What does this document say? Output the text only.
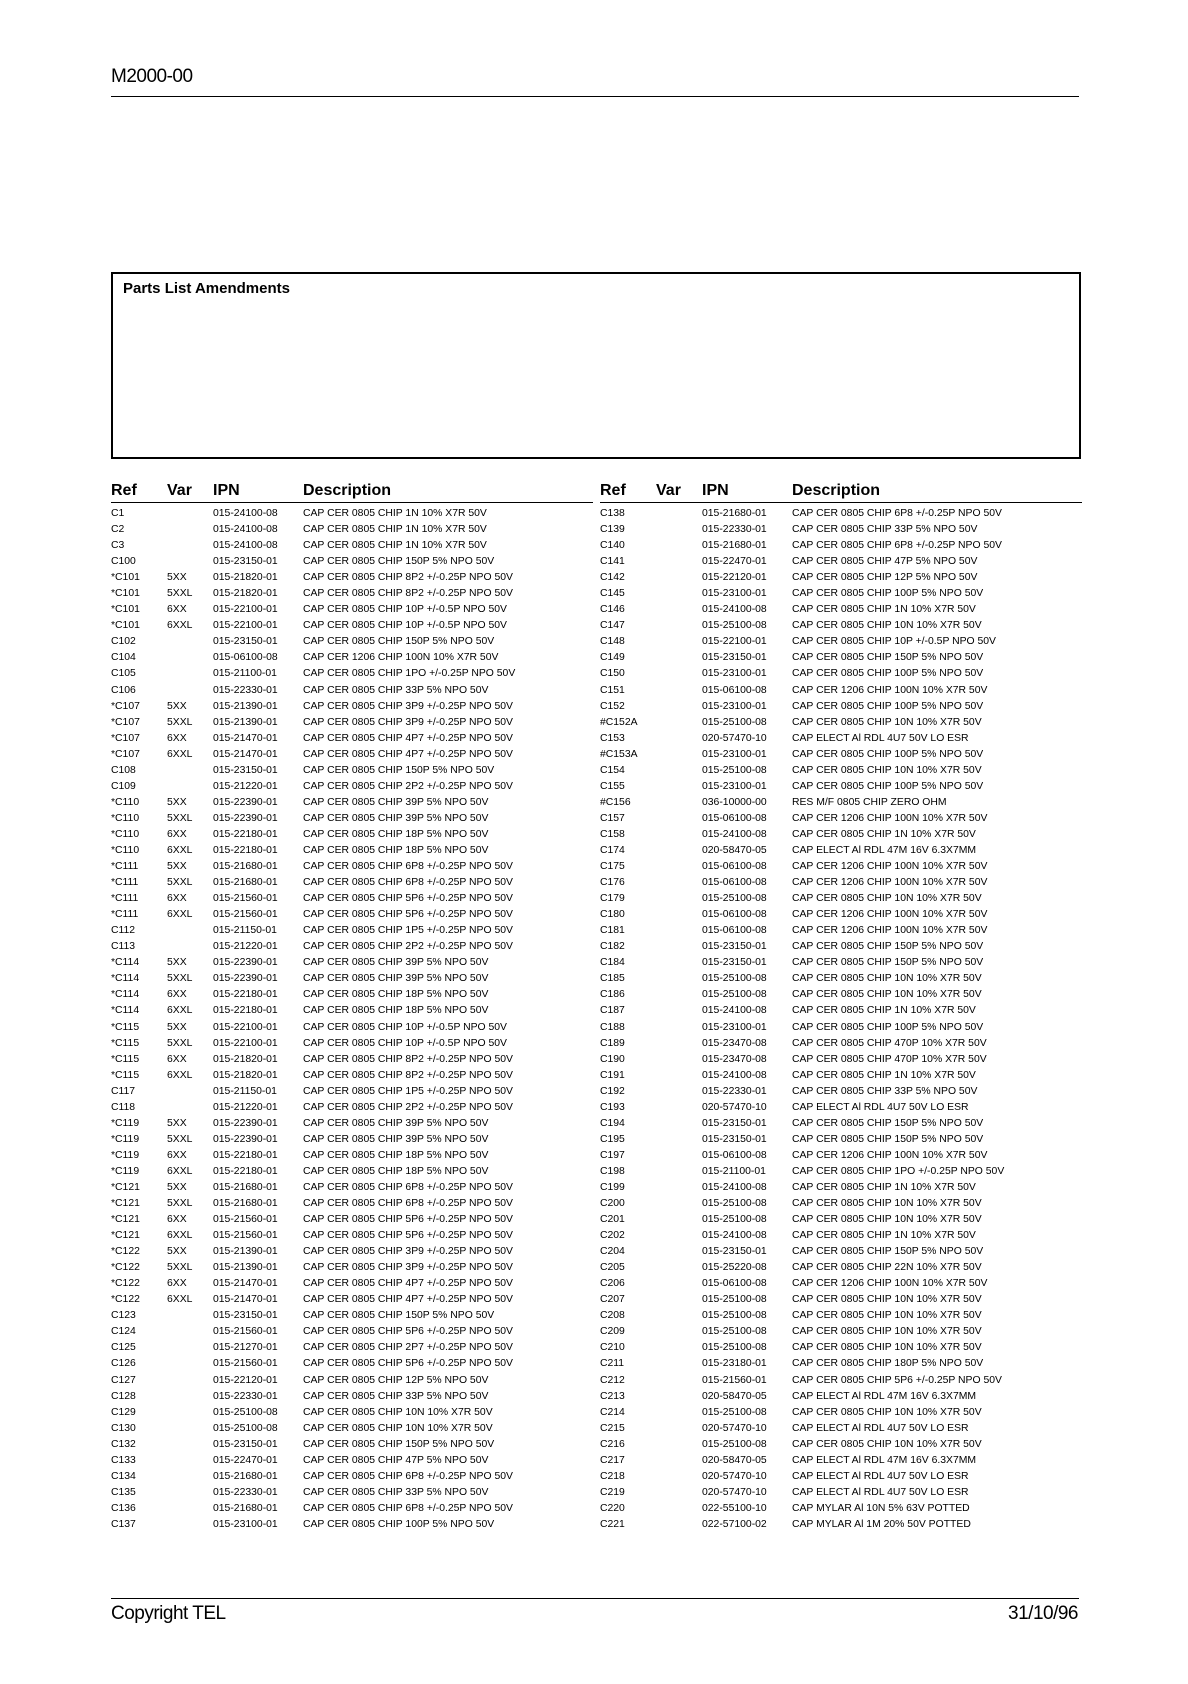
M2000-00
Parts List Amendments
Ref Var IPN	Description
C1	015-24100-08 CAP CER 0805 CHIP 1N 10% X7R 50V
C2	015-24100-08 CAP CER 0805 CHIP 1N 10% X7R 50V
C3	015-24100-08 CAP CER 0805 CHIP 1N 10% X7R 50V
C100	015-23150-01 CAP CER 0805 CHIP 150P 5% NPO 50V
*C101	5XX	015-21820-01 CAP CER 0805 CHIP 8P2 +/-0.25P NPO 50V
*C101	5XXL 015-21820-01 CAP CER 0805 CHIP 8P2 +/-0.25P NPO 50V
*C101	6XX	015-22100-01 CAP CER 0805 CHIP 10P +/-0.5P NPO 50V
*C101	6XXL 015-22100-01 CAP CER 0805 CHIP 10P +/-0.5P NPO 50V
C102	015-23150-01 CAP CER 0805 CHIP 150P 5% NPO 50V
C104	015-06100-08 CAP CER 1206 CHIP 100N 10% X7R 50V
C105	015-21100-01	CAP CER 0805 CHIP 1PO +/-0.25P NPO 50V
C106	015-22330-01 CAP CER 0805 CHIP 33P 5% NPO 50V
*C107	5XX	015-21390-01 CAP CER 0805 CHIP 3P9 +/-0.25P NPO 50V
*C107	5XXL 015-21390-01 CAP CER 0805 CHIP 3P9 +/-0.25P NPO 50V
*C107	6XX	015-21470-01 CAP CER 0805 CHIP 4P7 +/-0.25P NPO 50V
*C107	6XXL 015-21470-01 CAP CER 0805 CHIP 4P7 +/-0.25P NPO 50V
C108	015-23150-01 CAP CER 0805 CHIP 150P 5% NPO 50V
C109	015-21220-01 CAP CER 0805 CHIP 2P2 +/-0.25P NPO 50V
*C110	5XX	015-22390-01 CAP CER 0805 CHIP 39P 5% NPO 50V
*C110	5XXL 015-22390-01 CAP CER 0805 CHIP 39P 5% NPO 50V
*C110	6XX	015-22180-01 CAP CER 0805 CHIP 18P 5% NPO 50V
*C110	6XXL 015-22180-01 CAP CER 0805 CHIP 18P 5% NPO 50V
*C111	5XX	015-21680-01 CAP CER 0805 CHIP 6P8 +/-0.25P NPO 50V
*C111	5XXL 015-21680-01 CAP CER 0805 CHIP 6P8 +/-0.25P NPO 50V
*C111	6XX	015-21560-01 CAP CER 0805 CHIP 5P6 +/-0.25P NPO 50V
*C111	6XXL 015-21560-01 CAP CER 0805 CHIP 5P6 +/-0.25P NPO 50V
C112	015-21150-01	CAP CER 0805 CHIP 1P5 +/-0.25P NPO 50V
C113	015-21220-01 CAP CER 0805 CHIP 2P2 +/-0.25P NPO 50V
*C114	5XX	015-22390-01 CAP CER 0805 CHIP 39P 5% NPO 50V
*C114	5XXL 015-22390-01 CAP CER 0805 CHIP 39P 5% NPO 50V
*C114	6XX	015-22180-01 CAP CER 0805 CHIP 18P 5% NPO 50V
*C114	6XXL 015-22180-01 CAP CER 0805 CHIP 18P 5% NPO 50V
*C115	5XX	015-22100-01 CAP CER 0805 CHIP 10P +/-0.5P NPO 50V
*C115	5XXL 015-22100-01 CAP CER 0805 CHIP 10P +/-0.5P NPO 50V
*C115	6XX	015-21820-01 CAP CER 0805 CHIP 8P2 +/-0.25P NPO 50V
*C115	6XXL 015-21820-01 CAP CER 0805 CHIP 8P2 +/-0.25P NPO 50V
C117	015-21150-01	CAP CER 0805 CHIP 1P5 +/-0.25P NPO 50V
C118	015-21220-01 CAP CER 0805 CHIP 2P2 +/-0.25P NPO 50V
*C119	5XX	015-22390-01 CAP CER 0805 CHIP 39P 5% NPO 50V
*C119	5XXL 015-22390-01 CAP CER 0805 CHIP 39P 5% NPO 50V
*C119	6XX	015-22180-01 CAP CER 0805 CHIP 18P 5% NPO 50V
*C119	6XXL 015-22180-01 CAP CER 0805 CHIP 18P 5% NPO 50V
*C121	5XX	015-21680-01 CAP CER 0805 CHIP 6P8 +/-0.25P NPO 50V
*C121	5XXL 015-21680-01 CAP CER 0805 CHIP 6P8 +/-0.25P NPO 50V
*C121	6XX	015-21560-01 CAP CER 0805 CHIP 5P6 +/-0.25P NPO 50V
*C121	6XXL 015-21560-01 CAP CER 0805 CHIP 5P6 +/-0.25P NPO 50V
*C122	5XX	015-21390-01 CAP CER 0805 CHIP 3P9 +/-0.25P NPO 50V
*C122	5XXL 015-21390-01 CAP CER 0805 CHIP 3P9 +/-0.25P NPO 50V
*C122	6XX	015-21470-01 CAP CER 0805 CHIP 4P7 +/-0.25P NPO 50V
*C122	6XXL 015-21470-01 CAP CER 0805 CHIP 4P7 +/-0.25P NPO 50V
C123	015-23150-01 CAP CER 0805 CHIP 150P 5% NPO 50V
C124	015-21560-01 CAP CER 0805 CHIP 5P6 +/-0.25P NPO 50V
C125	015-21270-01 CAP CER 0805 CHIP 2P7 +/-0.25P NPO 50V
C126	015-21560-01 CAP CER 0805 CHIP 5P6 +/-0.25P NPO 50V
C127	015-22120-01 CAP CER 0805 CHIP 12P 5% NPO 50V
C128	015-22330-01 CAP CER 0805 CHIP 33P 5% NPO 50V
C129	015-25100-08 CAP CER 0805 CHIP 10N 10% X7R 50V
C130	015-25100-08 CAP CER 0805 CHIP 10N 10% X7R 50V
C132	015-23150-01 CAP CER 0805 CHIP 150P 5% NPO 50V
C133	015-22470-01 CAP CER 0805 CHIP 47P 5% NPO 50V
C134	015-21680-01 CAP CER 0805 CHIP 6P8 +/-0.25P NPO 50V
C135	015-22330-01 CAP CER 0805 CHIP 33P 5% NPO 50V
C136	015-21680-01 CAP CER 0805 CHIP 6P8 +/-0.25P NPO 50V
C137	015-23100-01 CAP CER 0805 CHIP 100P 5% NPO 50V
Ref Var IPN	Description
C138	015-21680-01 CAP CER 0805 CHIP 6P8 +/-0.25P NPO 50V
C139	015-22330-01 CAP CER 0805 CHIP 33P 5% NPO 50V
C140	015-21680-01 CAP CER 0805 CHIP 6P8 +/-0.25P NPO 50V
C141	015-22470-01 CAP CER 0805 CHIP 47P 5% NPO 50V
C142	015-22120-01 CAP CER 0805 CHIP 12P 5% NPO 50V
C145	015-23100-01 CAP CER 0805 CHIP 100P 5% NPO 50V
C146	015-24100-08 CAP CER 0805 CHIP 1N 10% X7R 50V
C147	015-25100-08 CAP CER 0805 CHIP 10N 10% X7R 50V
C148	015-22100-01 CAP CER 0805 CHIP 10P +/-0.5P NPO 50V
C149	015-23150-01 CAP CER 0805 CHIP 150P 5% NPO 50V
C150	015-23100-01 CAP CER 0805 CHIP 100P 5% NPO 50V
C151	015-06100-08 CAP CER 1206 CHIP 100N 10% X7R 50V
C152	015-23100-01 CAP CER 0805 CHIP 100P 5% NPO 50V
#C152A	015-25100-08 CAP CER 0805 CHIP 10N 10% X7R 50V
C153	020-57470-10 CAP ELECT Al RDL 4U7 50V LO ESR
#C153A	015-23100-01 CAP CER 0805 CHIP 100P 5% NPO 50V
C154	015-25100-08 CAP CER 0805 CHIP 10N 10% X7R 50V
C155	015-23100-01 CAP CER 0805 CHIP 100P 5% NPO 50V
#C156	036-10000-00 RES M/F 0805 CHIP ZERO OHM
C157	015-06100-08 CAP CER 1206 CHIP 100N 10% X7R 50V
C158	015-24100-08 CAP CER 0805 CHIP 1N 10% X7R 50V
C174	020-58470-05 CAP ELECT Al RDL 47M 16V 6.3X7MM
C175	015-06100-08 CAP CER 1206 CHIP 100N 10% X7R 50V
C176	015-06100-08 CAP CER 1206 CHIP 100N 10% X7R 50V
C179	015-25100-08 CAP CER 0805 CHIP 10N 10% X7R 50V
C180	015-06100-08 CAP CER 1206 CHIP 100N 10% X7R 50V
C181	015-06100-08 CAP CER 1206 CHIP 100N 10% X7R 50V
C182	015-23150-01 CAP CER 0805 CHIP 150P 5% NPO 50V
C184	015-23150-01 CAP CER 0805 CHIP 150P 5% NPO 50V
C185	015-25100-08 CAP CER 0805 CHIP 10N 10% X7R 50V
C186	015-25100-08 CAP CER 0805 CHIP 10N 10% X7R 50V
C187	015-24100-08 CAP CER 0805 CHIP 1N 10% X7R 50V
C188	015-23100-01 CAP CER 0805 CHIP 100P 5% NPO 50V
C189	015-23470-08 CAP CER 0805 CHIP 470P 10% X7R 50V
C190	015-23470-08 CAP CER 0805 CHIP 470P 10% X7R 50V
C191	015-24100-08 CAP CER 0805 CHIP 1N 10% X7R 50V
C192	015-22330-01 CAP CER 0805 CHIP 33P 5% NPO 50V
C193	020-57470-10 CAP ELECT Al RDL 4U7 50V LO ESR
C194	015-23150-01 CAP CER 0805 CHIP 150P 5% NPO 50V
C195	015-23150-01 CAP CER 0805 CHIP 150P 5% NPO 50V
C197	015-06100-08 CAP CER 1206 CHIP 100N 10% X7R 50V
C198	015-21100-01	CAP CER 0805 CHIP 1PO +/-0.25P NPO 50V
C199	015-24100-08 CAP CER 0805 CHIP 1N 10% X7R 50V
C200	015-25100-08 CAP CER 0805 CHIP 10N 10% X7R 50V
C201	015-25100-08 CAP CER 0805 CHIP 10N 10% X7R 50V
C202	015-24100-08 CAP CER 0805 CHIP 1N 10% X7R 50V
C204	015-23150-01 CAP CER 0805 CHIP 150P 5% NPO 50V
C205	015-25220-08 CAP CER 0805 CHIP 22N 10% X7R 50V
C206	015-06100-08 CAP CER 1206 CHIP 100N 10% X7R 50V
C207	015-25100-08 CAP CER 0805 CHIP 10N 10% X7R 50V
C208	015-25100-08 CAP CER 0805 CHIP 10N 10% X7R 50V
C209	015-25100-08 CAP CER 0805 CHIP 10N 10% X7R 50V
C210	015-25100-08 CAP CER 0805 CHIP 10N 10% X7R 50V
C211	015-23180-01 CAP CER 0805 CHIP 180P 5% NPO 50V
C212	015-21560-01 CAP CER 0805 CHIP 5P6 +/-0.25P NPO 50V
C213	020-58470-05 CAP ELECT Al RDL 47M 16V 6.3X7MM
C214	015-25100-08 CAP CER 0805 CHIP 10N 10% X7R 50V
C215	020-57470-10 CAP ELECT Al RDL 4U7 50V LO ESR
C216	015-25100-08 CAP CER 0805 CHIP 10N 10% X7R 50V
C217	020-58470-05 CAP ELECT Al RDL 47M 16V 6.3X7MM
C218	020-57470-10 CAP ELECT Al RDL 4U7 50V LO ESR
C219	020-57470-10 CAP ELECT Al RDL 4U7 50V LO ESR
C220	022-55100-10 CAP MYLAR Al 10N 5% 63V POTTED
C221	022-57100-02 CAP MYLAR Al 1M 20% 50V POTTED
Copyright TEL	31/10/96
